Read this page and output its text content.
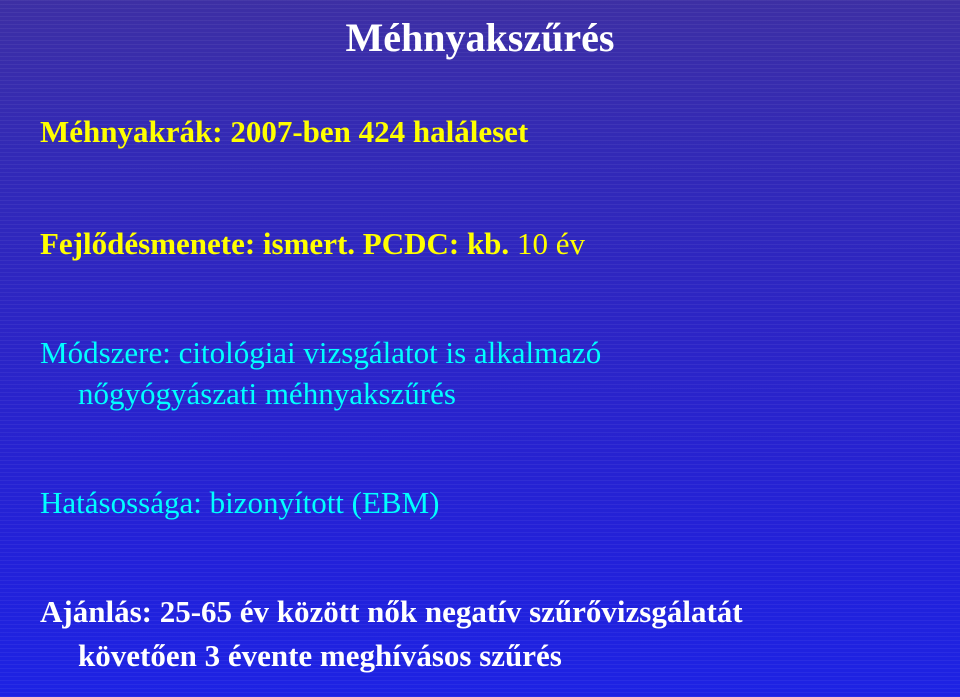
Méhnyakszűrés
Méhnyakrák: 2007-ben 424 haláleset
Fejlődésmenete: ismert. PCDC: kb. 10 év
Módszere: citológiai vizsgálatot is alkalmazó
nőgyógyászati méhnyakszűrés
Hatásossága: bizonyított (EBM)
Ajánlás: 25-65 év között nők negatív szűrővizsgálatát
követően 3 évente meghívásos szűrés
